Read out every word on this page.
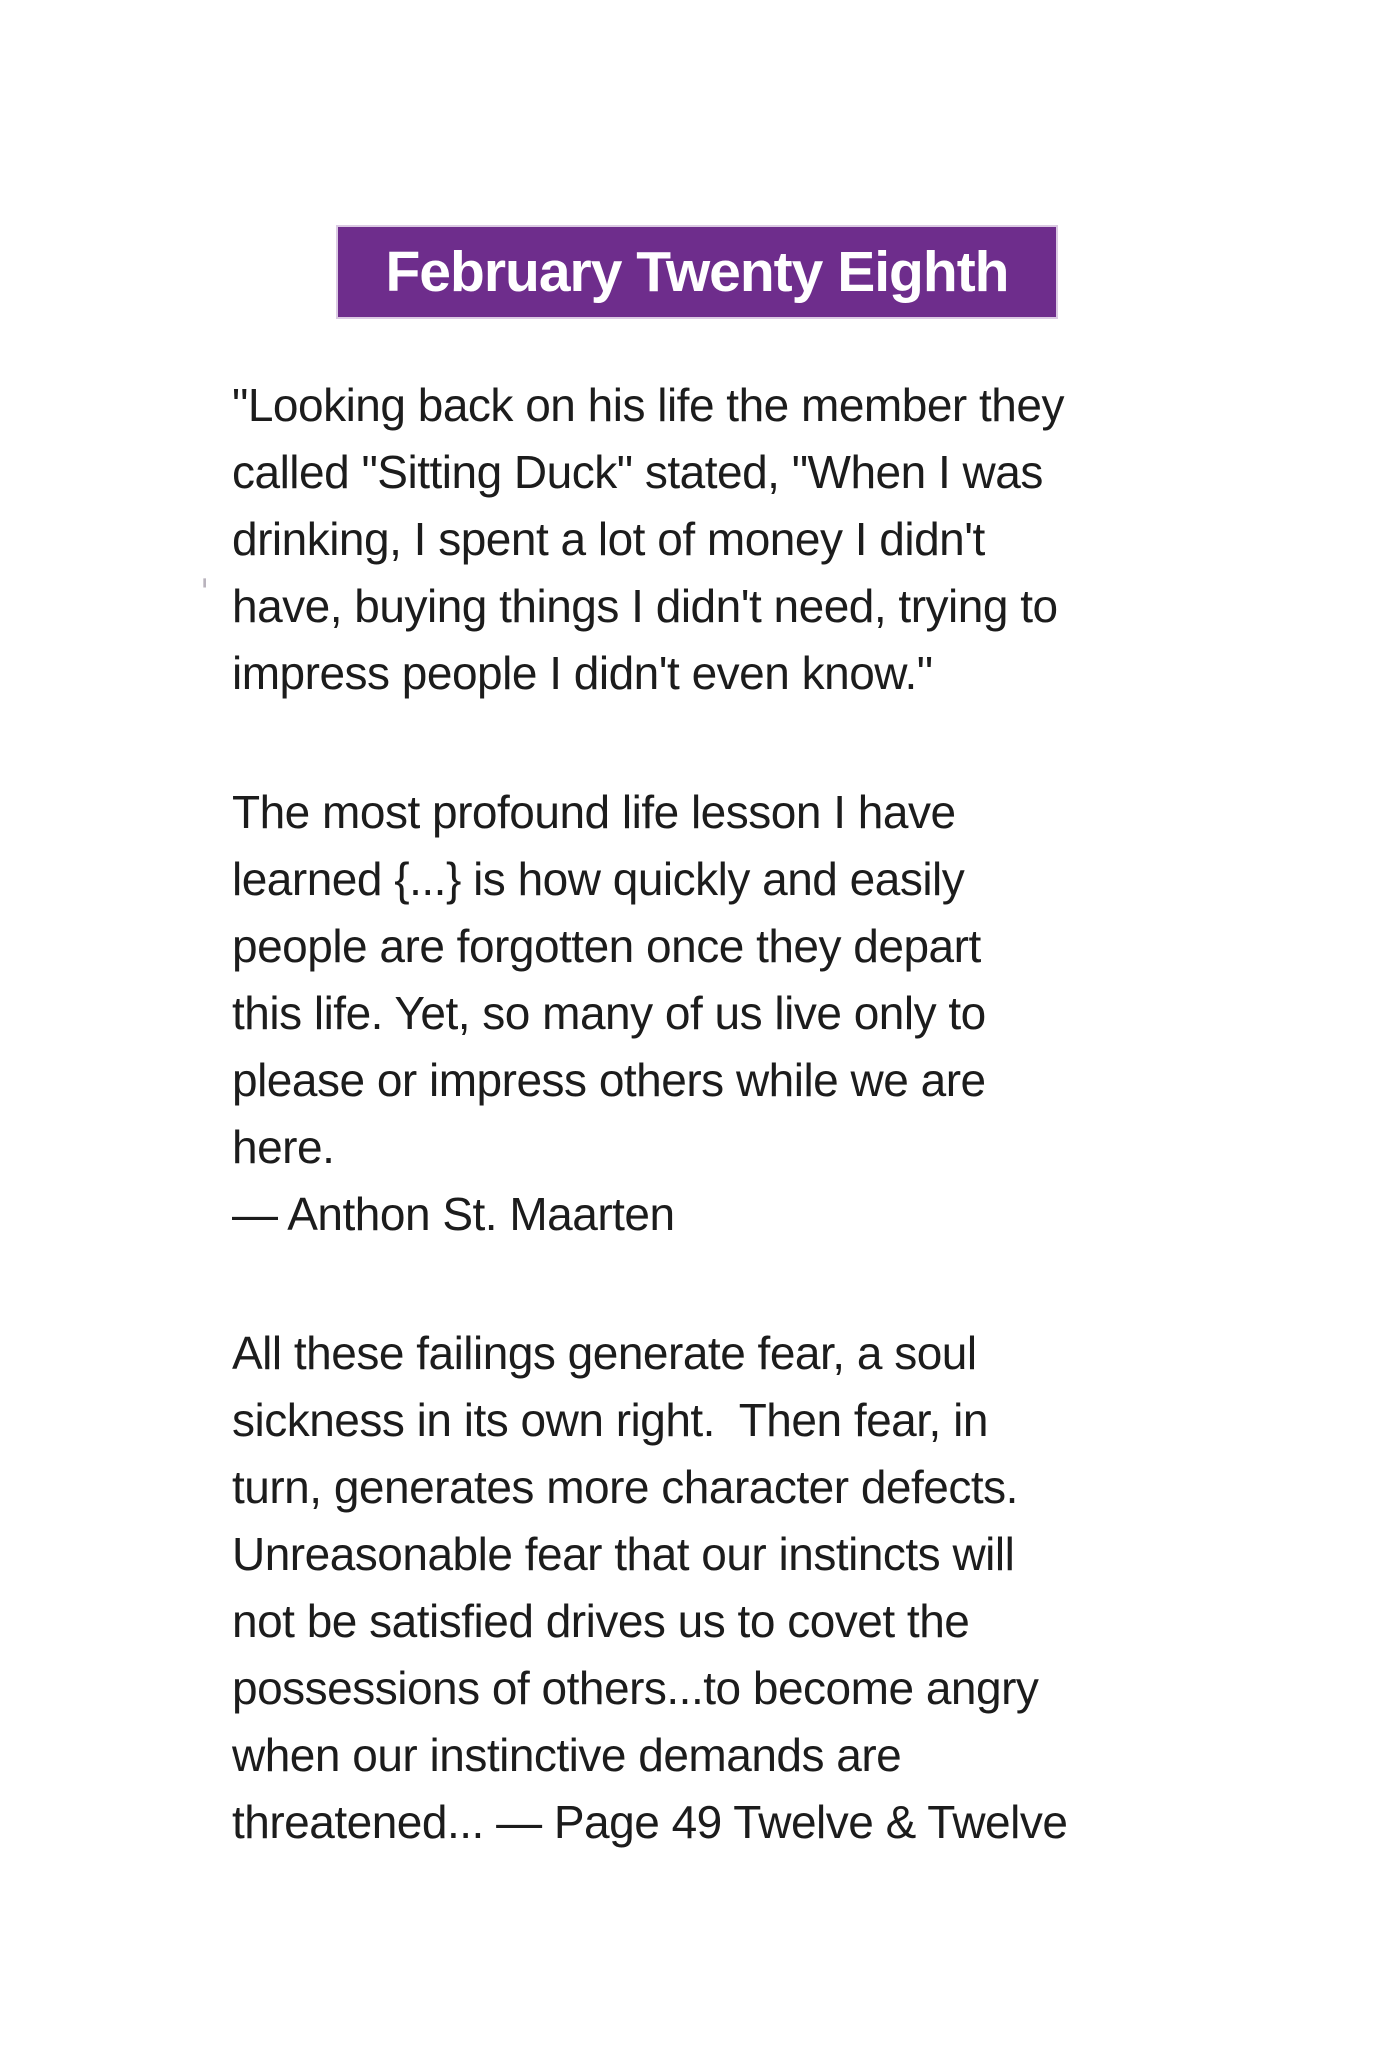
February Twenty Eighth
'
"Looking back on his life the member they
called "Sitting Duck" stated, "When I was
drinking, I spent a lot of money I didn't
have, buying things I didn't need, trying to
impress people I didn't even know."
The most profound life lesson I have
learned {...} is how quickly and easily
people are forgotten once they depart
this life. Yet, so many of us live only to
please or impress others while we are
here.
— Anthon St. Maarten
All these failings generate fear, a soul
sickness in its own right.  Then fear, in
turn, generates more character defects.
Unreasonable fear that our instincts will
not be satisfied drives us to covet the
possessions of others...to become angry
when our instinctive demands are
threatened... — Page 49 Twelve & Twelve
